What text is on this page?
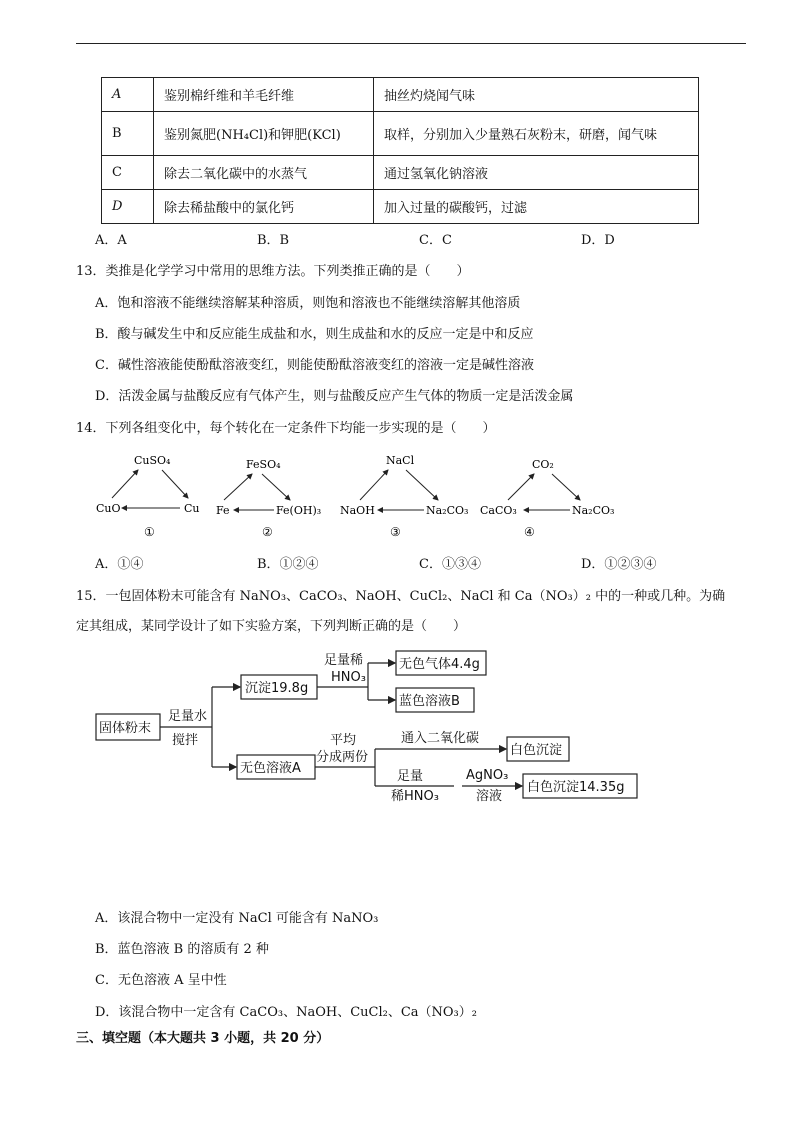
A	鉴别棉纤维和羊毛纤维	抽丝灼烧闻气味
B	鉴别氮肥(NH₄Cl)和钾肥(KCl)	取样，分别加入少量熟石灰粉末，研磨，闻气味
C	除去二氧化碳中的水蒸气	通过氢氧化钠溶液
D	除去稀盐酸中的氯化钙	加入过量的碳酸钙，过滤
A．A	B．B	C．C	D．D
13．类推是化学学习中常用的思维方法。下列类推正确的是（　　）
A．饱和溶液不能继续溶解某种溶质，则饱和溶液也不能继续溶解其他溶质
B．酸与碱发生中和反应能生成盐和水，则生成盐和水的反应一定是中和反应
C．碱性溶液能使酚酞溶液变红，则能使酚酞溶液变红的溶液一定是碱性溶液
D．活泼金属与盐酸反应有气体产生，则与盐酸反应产生气体的物质一定是活泼金属
14．下列各组变化中，每个转化在一定条件下均能一步实现的是（　　）
CuSO₄
CuO	Cu
①
FeSO₄
Fe	Fe(OH)₃
②
NaCl
NaOH	Na₂CO₃
③
CO₂
CaCO₃	Na₂CO₃
④
A．①④	B．①②④	C．①③④	D．①②③④
15．一包固体粉末可能含有 NaNO₃、CaCO₃、NaOH、CuCl₂、NaCl 和 Ca（NO₃）₂ 中的一种或几种。为确
定其组成，某同学设计了如下实验方案，下列判断正确的是（　　）
固体粉末
足量水
搅拌
沉淀19.8g
足量稀
HNO₃
无色气体4.4g
蓝色溶液B
无色溶液A
平均
分成两份
通入二氧化碳
白色沉淀
足量
稀HNO₃
AgNO₃
溶液
白色沉淀14.35g
A．该混合物中一定没有 NaCl 可能含有 NaNO₃
B．蓝色溶液 B 的溶质有 2 种
C．无色溶液 A 呈中性
D．该混合物中一定含有 CaCO₃、NaOH、CuCl₂、Ca（NO₃）₂
三、填空题（本大题共 3 小题，共 20 分）
